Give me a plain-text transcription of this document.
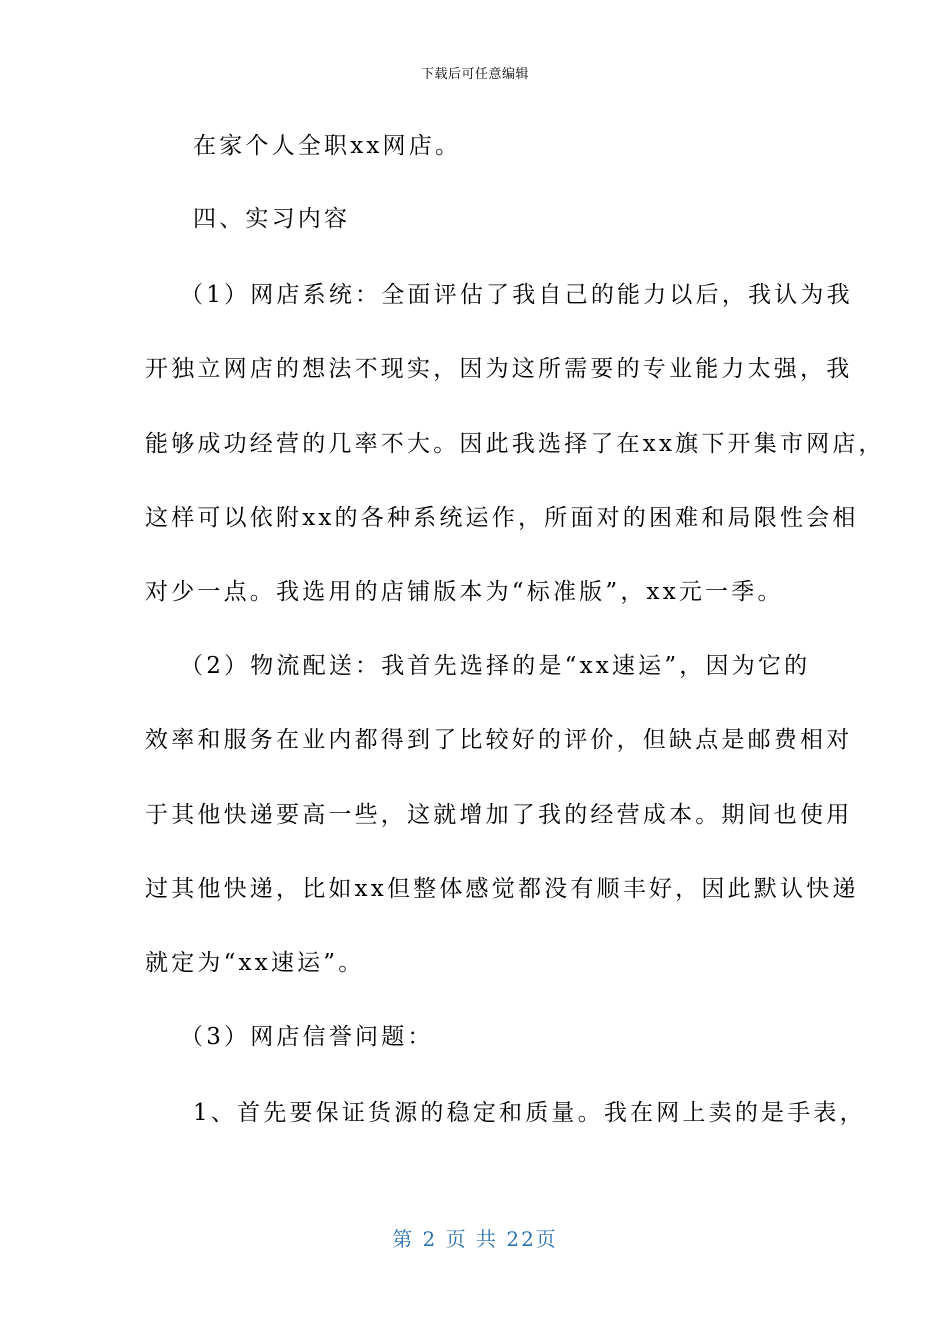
下载后可任意编辑
在家个人全职xx网店。
四、实习内容
（1）网店系统：全面评估了我自己的能力以后，我认为我
开独立网店的想法不现实，因为这所需要的专业能力太强，我
能够成功经营的几率不大。因此我选择了在xx旗下开集市网店，
这样可以依附xx的各种系统运作，所面对的困难和局限性会相
对少一点。我选用的店铺版本为“标准版”，xx元一季。
（2）物流配送：我首先选择的是“xx速运”，因为它的
效率和服务在业内都得到了比较好的评价，但缺点是邮费相对
于其他快递要高一些，这就增加了我的经营成本。期间也使用
过其他快递，比如xx但整体感觉都没有顺丰好，因此默认快递
就定为“xx速运”。
（3）网店信誉问题：
1、首先要保证货源的稳定和质量。我在网上卖的是手表，
第 2 页 共 22页
